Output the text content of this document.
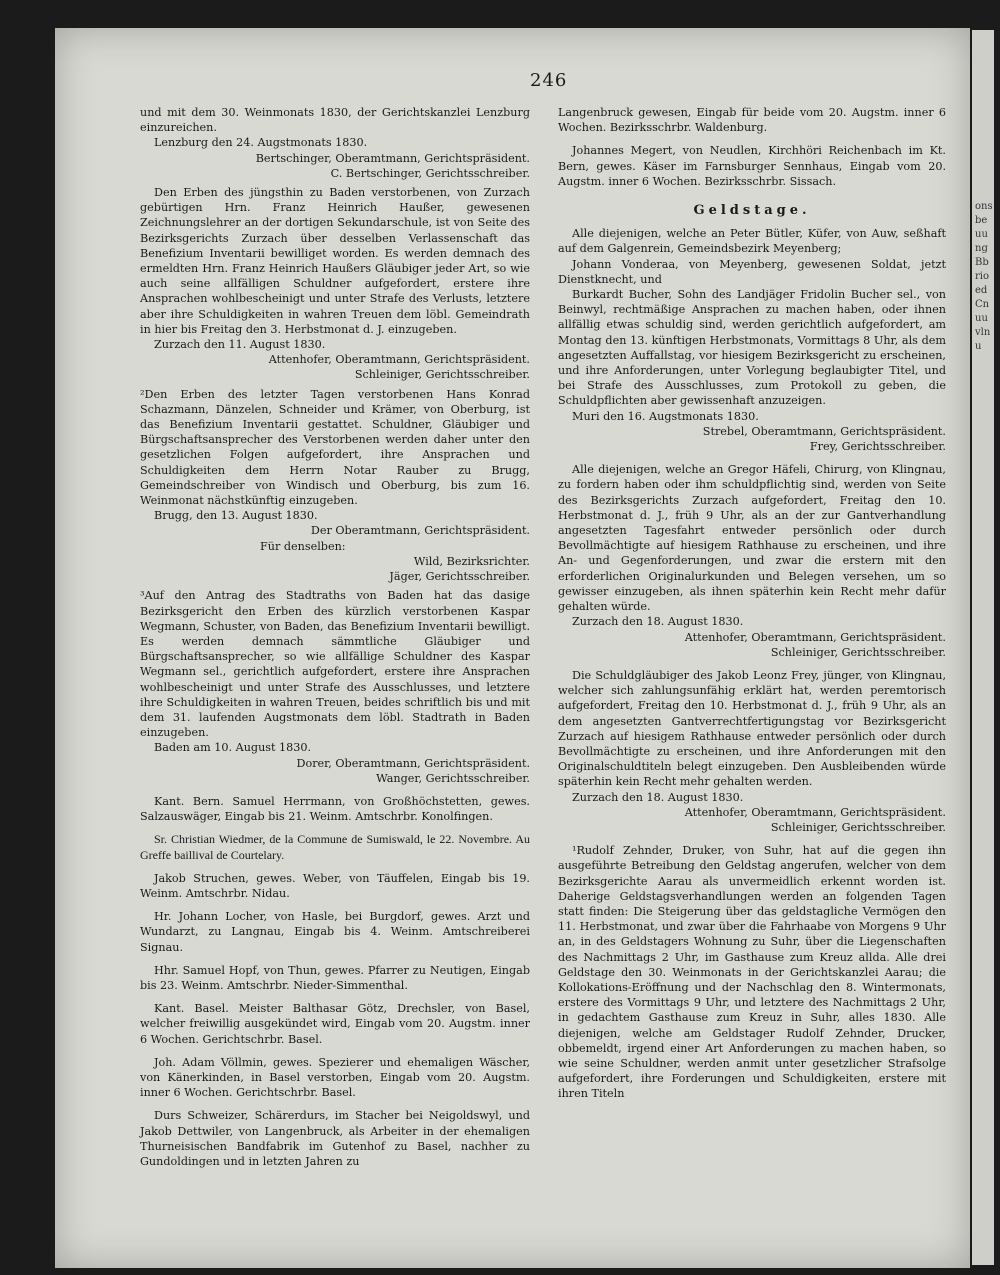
onsbeuungBbrioedCnuuvlnu
246

und mit dem 30. Weinmonats 1830, der Gerichtskanzlei Lenzburg einzureichen.

Lenzburg den 24. Augstmonats 1830.

Bertschinger, Oberamtmann, Gerichtspräsident.

C. Bertschinger, Gerichtsschreiber.

Den Erben des jüngsthin zu Baden verstorbenen, von Zurzach gebürtigen Hrn. Franz Heinrich Haußer, gewesenen Zeichnungslehrer an der dortigen Sekundarschule, ist von Seite des Bezirksgerichts Zurzach über desselben Verlassenschaft das Benefizium Inventarii bewilliget worden. Es werden demnach des ermeldten Hrn. Franz Heinrich Haußers Gläubiger jeder Art, so wie auch seine allfälligen Schuldner aufgefordert, erstere ihre Ansprachen wohlbescheinigt und unter Strafe des Verlusts, letztere aber ihre Schuldigkeiten in wahren Treuen dem löbl. Gemeindrath in hier bis Freitag den 3. Herbstmonat d. J. einzugeben.

Zurzach den 11. August 1830.

Attenhofer, Oberamtmann, Gerichtspräsident.

Schleiniger, Gerichtsschreiber.

²Den Erben des letzter Tagen verstorbenen Hans Konrad Schazmann, Dänzelen, Schneider und Krämer, von Oberburg, ist das Benefizium Inventarii gestattet. Schuldner, Gläubiger und Bürgschaftsansprecher des Verstorbenen werden daher unter den gesetzlichen Folgen aufgefordert, ihre Ansprachen und Schuldigkeiten dem Herrn Notar Rauber zu Brugg, Gemeindschreiber von Windisch und Oberburg, bis zum 16. Weinmonat nächstkünftig einzugeben.

Brugg, den 13. August 1830.

Der Oberamtmann, Gerichtspräsident.

Für denselben:

Wild, Bezirksrichter.

Jäger, Gerichtsschreiber.

³Auf den Antrag des Stadtraths von Baden hat das dasige Bezirksgericht den Erben des kürzlich verstorbenen Kaspar Wegmann, Schuster, von Baden, das Benefizium Inventarii bewilligt. Es werden demnach sämmtliche Gläubiger und Bürgschaftsansprecher, so wie allfällige Schuldner des Kaspar Wegmann sel., gerichtlich aufgefordert, erstere ihre Ansprachen wohlbescheinigt und unter Strafe des Ausschlusses, und letztere ihre Schuldigkeiten in wahren Treuen, beides schriftlich bis und mit dem 31. laufenden Augstmonats dem löbl. Stadtrath in Baden einzugeben.

Baden am 10. August 1830.

Dorer, Oberamtmann, Gerichtspräsident.

Wanger, Gerichtsschreiber.

Kant. Bern. Samuel Herrmann, von Großhöchstetten, gewes. Salzauswäger, Eingab bis 21. Weinm. Amtschrbr. Konolfingen.

Sr. Christian Wiedmer, de la Commune de Sumiswald, le 22. Novembre. Au Greffe baillival de Courtelary.

Jakob Struchen, gewes. Weber, von Täuffelen, Eingab bis 19. Weinm. Amtschrbr. Nidau.

Hr. Johann Locher, von Hasle, bei Burgdorf, gewes. Arzt und Wundarzt, zu Langnau, Eingab bis 4. Weinm. Amtschreiberei Signau.

Hhr. Samuel Hopf, von Thun, gewes. Pfarrer zu Neutigen, Eingab bis 23. Weinm. Amtschrbr. Nieder-Simmenthal.

Kant. Basel. Meister Balthasar Götz, Drechsler, von Basel, welcher freiwillig ausgekündet wird, Eingab vom 20. Augstm. inner 6 Wochen. Gerichtschrbr. Basel.

Joh. Adam Völlmin, gewes. Spezierer und ehemaligen Wäscher, von Känerkinden, in Basel verstorben, Eingab vom 20. Augstm. inner 6 Wochen. Gerichtschrbr. Basel.

Durs Schweizer, Schärerdurs, im Stacher bei Neigoldswyl, und Jakob Dettwiler, von Langenbruck, als Arbeiter in der ehemaligen Thurneisischen Bandfabrik im Gutenhof zu Basel, nachher zu Gundoldingen und in letzten Jahren zu

Langenbruck gewesen, Eingab für beide vom 20. Augstm. inner 6 Wochen. Bezirksschrbr. Waldenburg.

Johannes Megert, von Neudlen, Kirchhöri Reichenbach im Kt. Bern, gewes. Käser im Farnsburger Sennhaus, Eingab vom 20. Augstm. inner 6 Wochen. Bezirksschrbr. Sissach.

Geldstage.

Alle diejenigen, welche an Peter Bütler, Küfer, von Auw, seßhaft auf dem Galgenrein, Gemeindsbezirk Meyenberg;

Johann Vonderaa, von Meyenberg, gewesenen Soldat, jetzt Dienstknecht, und

Burkardt Bucher, Sohn des Landjäger Fridolin Bucher sel., von Beinwyl, rechtmäßige Ansprachen zu machen haben, oder ihnen allfällig etwas schuldig sind, werden gerichtlich aufgefordert, am Montag den 13. künftigen Herbstmonats, Vormittags 8 Uhr, als dem angesetzten Auffallstag, vor hiesigem Bezirksgericht zu erscheinen, und ihre Anforderungen, unter Vorlegung beglaubigter Titel, und bei Strafe des Ausschlusses, zum Protokoll zu geben, die Schuldpflichten aber gewissenhaft anzuzeigen.

Muri den 16. Augstmonats 1830.

Strebel, Oberamtmann, Gerichtspräsident.

Frey, Gerichtsschreiber.

Alle diejenigen, welche an Gregor Häfeli, Chirurg, von Klingnau, zu fordern haben oder ihm schuldpflichtig sind, werden von Seite des Bezirksgerichts Zurzach aufgefordert, Freitag den 10. Herbstmonat d. J., früh 9 Uhr, als an der zur Gantverhandlung angesetzten Tagesfahrt entweder persönlich oder durch Bevollmächtigte auf hiesigem Rathhause zu erscheinen, und ihre An- und Gegenforderungen, und zwar die erstern mit den erforderlichen Originalurkunden und Belegen versehen, um so gewisser einzugeben, als ihnen späterhin kein Recht mehr dafür gehalten würde.

Zurzach den 18. August 1830.

Attenhofer, Oberamtmann, Gerichtspräsident.

Schleiniger, Gerichtsschreiber.

Die Schuldgläubiger des Jakob Leonz Frey, jünger, von Klingnau, welcher sich zahlungsunfähig erklärt hat, werden peremtorisch aufgefordert, Freitag den 10. Herbstmonat d. J., früh 9 Uhr, als an dem angesetzten Gantverrechtfertigungstag vor Bezirksgericht Zurzach auf hiesigem Rathhause entweder persönlich oder durch Bevollmächtigte zu erscheinen, und ihre Anforderungen mit den Originalschuldtiteln belegt einzugeben. Den Ausbleibenden würde späterhin kein Recht mehr gehalten werden.

Zurzach den 18. August 1830.

Attenhofer, Oberamtmann, Gerichtspräsident.

Schleiniger, Gerichtsschreiber.

¹Rudolf Zehnder, Druker, von Suhr, hat auf die gegen ihn ausgeführte Betreibung den Geldstag angerufen, welcher von dem Bezirksgerichte Aarau als unvermeidlich erkennt worden ist. Daherige Geldstagsverhandlungen werden an folgenden Tagen statt finden: Die Steigerung über das geldstagliche Vermögen den 11. Herbstmonat, und zwar über die Fahrhaabe von Morgens 9 Uhr an, in des Geldstagers Wohnung zu Suhr, über die Liegenschaften des Nachmittags 2 Uhr, im Gasthause zum Kreuz allda. Alle drei Geldstage den 30. Weinmonats in der Gerichtskanzlei Aarau; die Kollokations-Eröffnung und der Nachschlag den 8. Wintermonats, erstere des Vormittags 9 Uhr, und letztere des Nachmittags 2 Uhr, in gedachtem Gasthause zum Kreuz in Suhr, alles 1830. Alle diejenigen, welche am Geldstager Rudolf Zehnder, Drucker, obbemeldt, irgend einer Art Anforderungen zu machen haben, so wie seine Schuldner, werden anmit unter gesetzlicher Strafsolge aufgefordert, ihre Forderungen und Schuldigkeiten, erstere mit ihren Titeln
